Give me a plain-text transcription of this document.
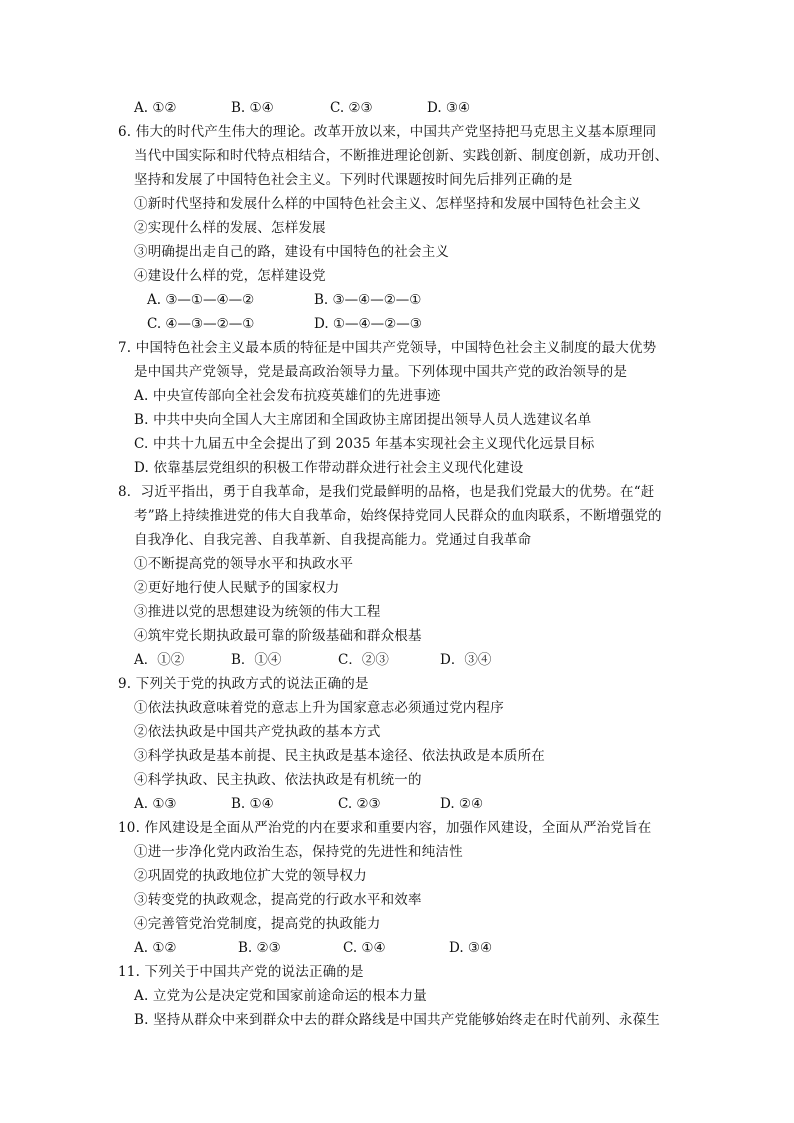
A. ①②	B. ①④	C. ②③	D. ③④
6. 伟大的时代产生伟大的理论。改革开放以来，中国共产党坚持把马克思主义基本原理同
当代中国实际和时代特点相结合，不断推进理论创新、实践创新、制度创新，成功开创、
坚持和发展了中国特色社会主义。下列时代课题按时间先后排列正确的是
①新时代坚持和发展什么样的中国特色社会主义、怎样坚持和发展中国特色社会主义
②实现什么样的发展、怎样发展
③明确提出走自己的路，建设有中国特色的社会主义
④建设什么样的党，怎样建设党
A. ③—①—④—②	B. ③—④—②—①
C. ④—③—②—①	D. ①—④—②—③
7. 中国特色社会主义最本质的特征是中国共产党领导，中国特色社会主义制度的最大优势
是中国共产党领导，党是最高政治领导力量。下列体现中国共产党的政治领导的是
A. 中央宣传部向全社会发布抗疫英雄们的先进事迹
B. 中共中央向全国人大主席团和全国政协主席团提出领导人员人选建议名单
C. 中共十九届五中全会提出了到 2035 年基本实现社会主义现代化远景目标
D. 依靠基层党组织的积极工作带动群众进行社会主义现代化建设
8．习近平指出，勇于自我革命，是我们党最鲜明的品格，也是我们党最大的优势。在“赶
考”路上持续推进党的伟大自我革命，始终保持党同人民群众的血肉联系，不断增强党的
自我净化、自我完善、自我革新、自我提高能力。党通过自我革命
①不断提高党的领导水平和执政水平
②更好地行使人民赋予的国家权力
③推进以党的思想建设为统领的伟大工程
④筑牢党长期执政最可靠的阶级基础和群众根基
A．①②	B．①④	C．②③	D．③④
9. 下列关于党的执政方式的说法正确的是
①依法执政意味着党的意志上升为国家意志必须通过党内程序
②依法执政是中国共产党执政的基本方式
③科学执政是基本前提、民主执政是基本途径、依法执政是本质所在
④科学执政、民主执政、依法执政是有机统一的
A. ①③	B. ①④	C. ②③	D. ②④
10. 作风建设是全面从严治党的内在要求和重要内容，加强作风建设，全面从严治党旨在
①进一步净化党内政治生态，保持党的先进性和纯洁性
②巩固党的执政地位扩大党的领导权力
③转变党的执政观念，提高党的行政水平和效率
④完善管党治党制度，提高党的执政能力
A. ①②	B. ②③	C. ①④	D. ③④
11. 下列关于中国共产党的说法正确的是
A. 立党为公是决定党和国家前途命运的根本力量
B. 坚持从群众中来到群众中去的群众路线是中国共产党能够始终走在时代前列、永葆生
